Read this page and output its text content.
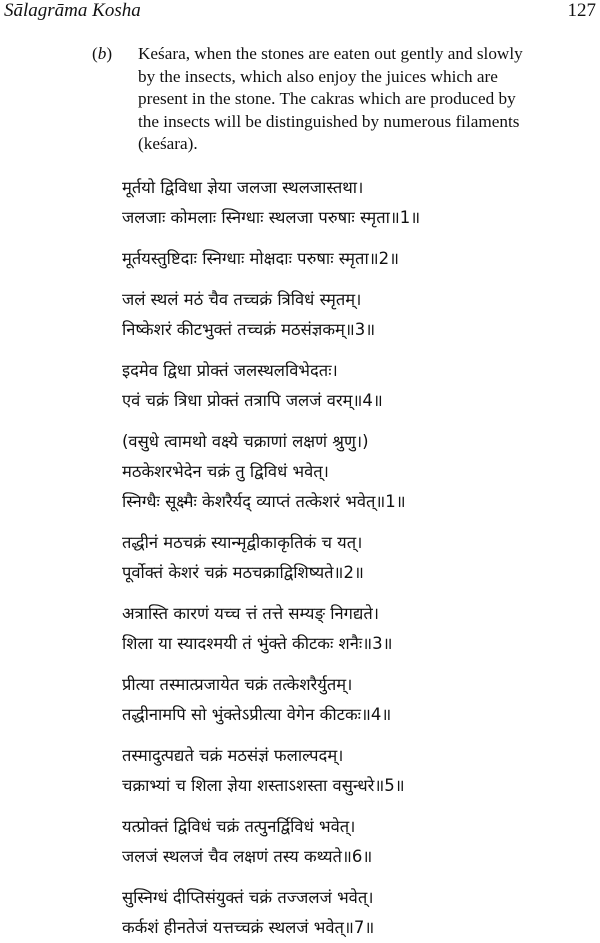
Sālagrāma Kosha	127
(b) Keśara, when the stones are eaten out gently and slowly
by the insects, which also enjoy the juices which are
present in the stone. The cakras which are produced by
the insects will be distinguished by numerous filaments
(keśara).
मूर्तयो द्विविधा ज्ञेया जलजा स्थलजास्तथा।
जलजाः कोमलाः स्निग्धाः स्थलजा परुषाः स्मृता॥1॥
मूर्तयस्तुष्टिदाः स्निग्धाः मोक्षदाः परुषाः स्मृता॥2॥
जलं स्थलं मठं चैव तच्चक्रं त्रिविधं स्मृतम्।
निष्केशरं कीटभुक्तं तच्चक्रं मठसंज्ञकम्॥3॥
इदमेव द्विधा प्रोक्तं जलस्थलविभेदतः।
एवं चक्रं त्रिधा प्रोक्तं तत्रापि जलजं वरम्॥4॥
(वसुधे त्वामथो वक्ष्ये चक्राणां लक्षणं श्रुणु।)
मठकेशरभेदेन चक्रं तु द्विविधं भवेत्।
स्निग्धैः सूक्ष्मैः केशरैर्यद् व्याप्तं तत्केशरं भवेत्॥1॥
तद्धीनं मठचक्रं स्यान्मृद्वीकाकृतिकं च यत्।
पूर्वोक्तं केशरं चक्रं मठचक्राद्विशिष्यते॥2॥
अत्रास्ति कारणं यच्च त्तं तत्ते सम्यङ् निगद्यते।
शिला या स्यादश्मयी तं भुंक्ते कीटकः शनैः॥3॥
प्रीत्या तस्मात्प्रजायेत चक्रं तत्केशरैर्युतम्।
तद्धीनामपि सो भुंक्तेऽप्रीत्या वेगेन कीटकः॥4॥
तस्मादुत्पद्यते चक्रं मठसंज्ञं फलाल्पदम्।
चक्राभ्यां च शिला ज्ञेया शस्ताऽशस्ता वसुन्धरे॥5॥
यत्प्रोक्तं द्विविधं चक्रं तत्पुनर्द्विविधं भवेत्।
जलजं स्थलजं चैव लक्षणं तस्य कथ्यते॥6॥
सुस्निग्धं दीप्तिसंयुक्तं चक्रं तज्जलजं भवेत्।
कर्कशं हीनतेजं यत्तच्चक्रं स्थलजं भवेत्॥7॥
